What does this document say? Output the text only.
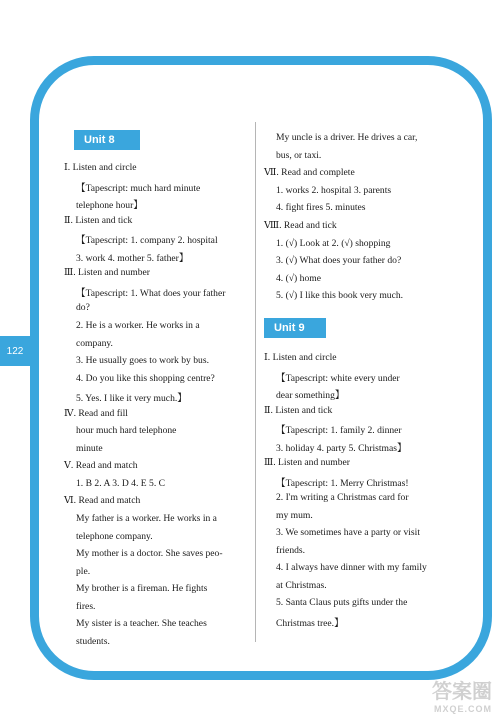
122
Unit 8
Ⅰ. Listen and circle
【Tapescript: much hard minute
telephone hour】
Ⅱ. Listen and tick
【Tapescript: 1. company 2. hospital
3. work 4. mother 5. father】
Ⅲ. Listen and number
【Tapescript: 1. What does your father
do?
2. He is a worker. He works in a
company.
3. He usually goes to work by bus.
4. Do you like this shopping centre?
5. Yes. I like it very much.】
Ⅳ. Read and fill
hour much hard telephone
minute
Ⅴ. Read and match
1. B 2. A 3. D 4. E 5. C
Ⅵ. Read and match
My father is a worker. He works in a
telephone company.
My mother is a doctor. She saves peo-
ple.
My brother is a fireman. He fights
fires.
My sister is a teacher. She teaches
students.
My uncle is a driver. He drives a car,
bus, or taxi.
Ⅶ. Read and complete
1. works 2. hospital 3. parents
4. fight fires 5. minutes
Ⅷ. Read and tick
1. (√) Look at 2. (√) shopping
3. (√) What does your father do?
4. (√) home
5. (√) I like this book very much.
Unit 9
Ⅰ. Listen and circle
【Tapescript: white every under
dear something】
Ⅱ. Listen and tick
【Tapescript: 1. family 2. dinner
3. holiday 4. party 5. Christmas】
Ⅲ. Listen and number
【Tapescript: 1. Merry Christmas!
2. I'm writing a Christmas card for
my mum.
3. We sometimes have a party or visit
friends.
4. I always have dinner with my family
at Christmas.
5. Santa Claus puts gifts under the
Christmas tree.】
答案圈
MXQE.COM
